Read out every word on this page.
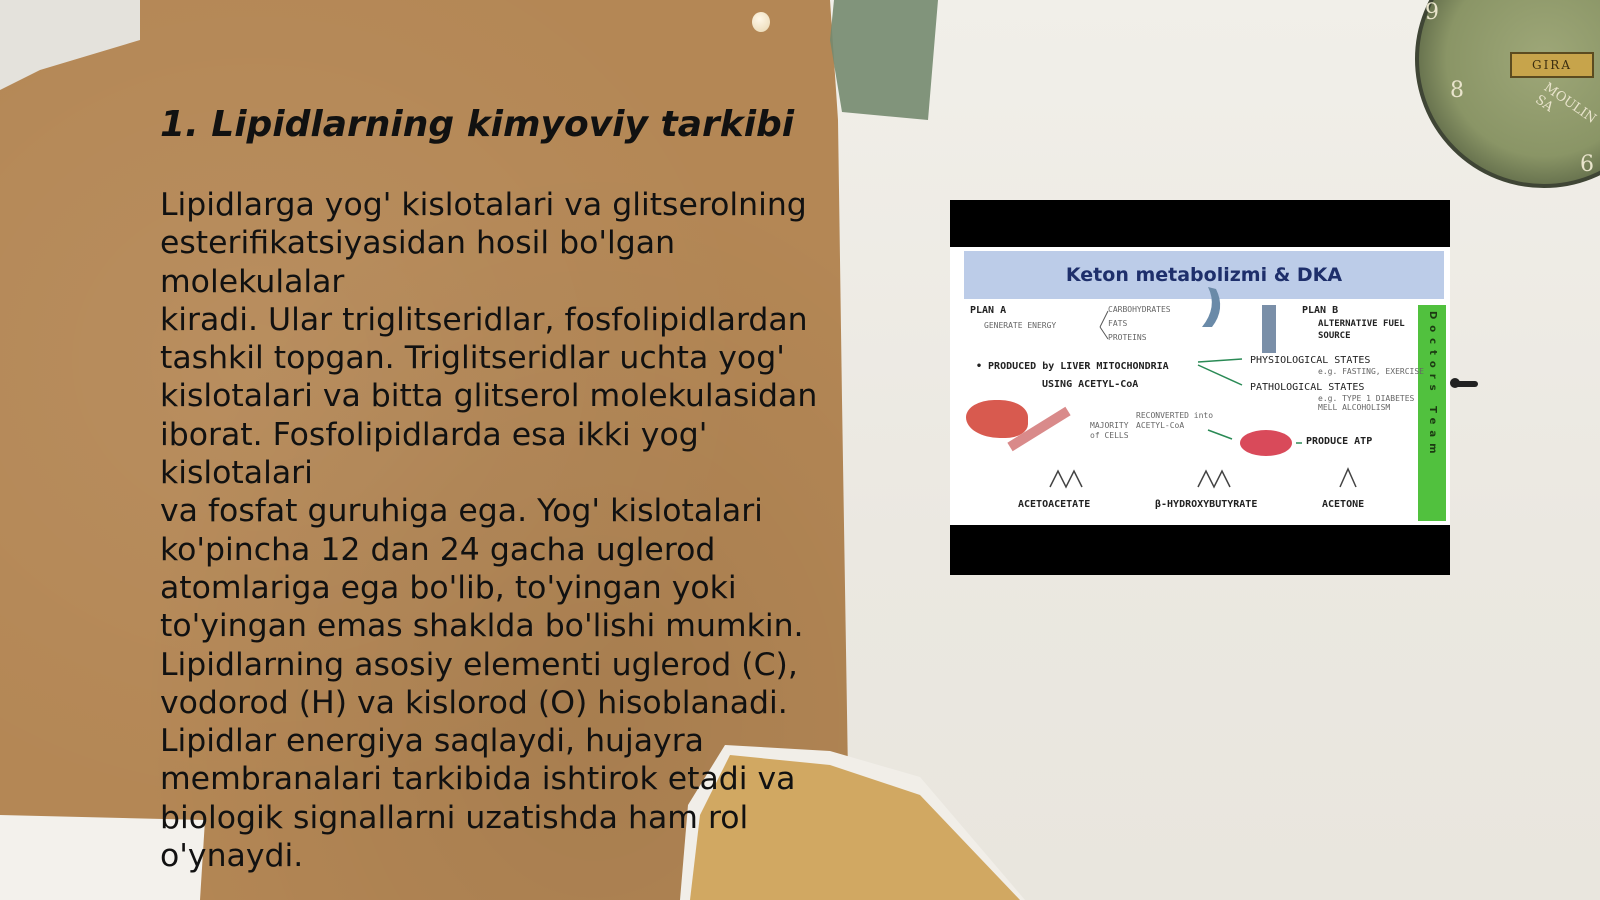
9
8
6
GIRA
MOULIN SA
1. Lipidlarning kimyoviy tarkibi
Lipidlarga yog' kislotalari va glitserolning
esterifikatsiyasidan hosil bo'lgan molekulalar
kiradi. Ular triglitseridlar, fosfolipidlardan
tashkil topgan. Triglitseridlar uchta yog'
kislotalari va bitta glitserol molekulasidan
iborat. Fosfolipidlarda esa ikki yog' kislotalari
va fosfat guruhiga ega. Yog' kislotalari
ko'pincha 12 dan 24 gacha uglerod
atomlariga ega bo'lib, to'yingan yoki
to'yingan emas shaklda bo'lishi mumkin.
Lipidlarning asosiy elementi uglerod (C),
vodorod (H) va kislorod (O) hisoblanadi.
Lipidlar energiya saqlaydi, hujayra
membranalari tarkibida ishtirok etadi va
biologik signallarni uzatishda ham rol
o'ynaydi.
Keton metabolizmi & DKA
Doctors Team
PLAN A
GENERATE ENERGY
CARBOHYDRATES
FATS
PROTEINS
PLAN B
ALTERNATIVE FUEL
SOURCE
• PRODUCED by LIVER MITOCHONDRIA
USING ACETYL-CoA
PHYSIOLOGICAL STATES
e.g. FASTING, EXERCISE
PATHOLOGICAL STATES
e.g. TYPE 1 DIABETES MELL ALCOHOLISM
MAJORITY of CELLS
RECONVERTED into ACETYL-CoA
PRODUCE ATP
ACETOACETATE	β-HYDROXYBUTYRATE	ACETONE
